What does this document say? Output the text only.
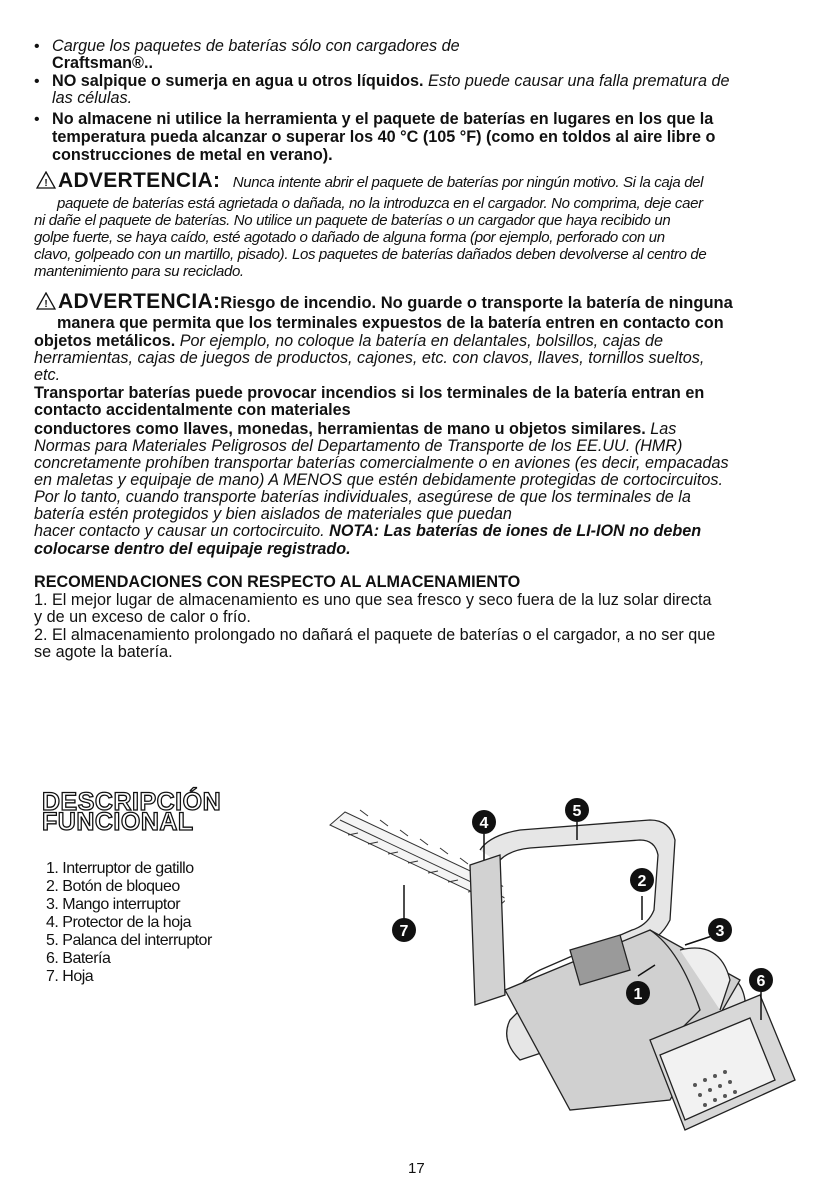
• Cargue los paquetes de baterías sólo con cargadores de
Craftsman®..
• NO salpique o sumerja en agua u otros líquidos. Esto puede causar una falla prematura de
las células.
• No almacene ni utilice la herramienta y el paquete de baterías en lugares en los que la
temperatura pueda alcanzar o superar los 40 °C (105 °F) (como en toldos al aire libre o
construcciones de metal en verano).
! ADVERTENCIA: Nunca intente abrir el paquete de baterías por ningún motivo. Si la caja del
paquete de baterías está agrietada o dañada, no la introduzca en el cargador. No comprima, deje caer
ni dañe el paquete de baterías. No utilice un paquete de baterías o un cargador que haya recibido un
golpe fuerte, se haya caído, esté agotado o dañado de alguna forma (por ejemplo, perforado con un
clavo, golpeado con un martillo, pisado). Los paquetes de baterías dañados deben devolverse al centro de
mantenimiento para su reciclado.
! ADVERTENCIA:Riesgo de incendio. No guarde o transporte la batería de ninguna
manera que permita que los terminales expuestos de la batería entren en contacto con
objetos metálicos. Por ejemplo, no coloque la batería en delantales, bolsillos, cajas de
herramientas, cajas de juegos de productos, cajones, etc. con clavos, llaves, tornillos sueltos,
etc.
Transportar baterías puede provocar incendios si los terminales de la batería entran en
contacto accidentalmente con materiales
conductores como llaves, monedas, herramientas de mano u objetos similares. Las
Normas para Materiales Peligrosos del Departamento de Transporte de los EE.UU. (HMR)
concretamente prohíben transportar baterías comercialmente o en aviones (es decir, empacadas
en maletas y equipaje de mano) A MENOS que estén debidamente protegidas de cortocircuitos.
Por lo tanto, cuando transporte baterías individuales, asegúrese de que los terminales de la
batería estén protegidos y bien aislados de materiales que puedan
hacer contacto y causar un cortocircuito. NOTA: Las baterías de iones de LI-ION no deben
colocarse dentro del equipaje registrado.
RECOMENDACIONES CON RESPECTO AL ALMACENAMIENTO
1. El mejor lugar de almacenamiento es uno que sea fresco y seco fuera de la luz solar directa
y de un exceso de calor o frío.
2. El almacenamiento prolongado no dañará el paquete de baterías o el cargador, a no ser que
se agote la batería.
DESCRIPCIÓN
FUNCIONAL
1. Interruptor de gatillo
2. Botón de bloqueo
3. Mango interruptor
4. Protector de la hoja
5. Palanca del interruptor
6. Batería
7. Hoja
4
5
2
7	3
1
6
17
